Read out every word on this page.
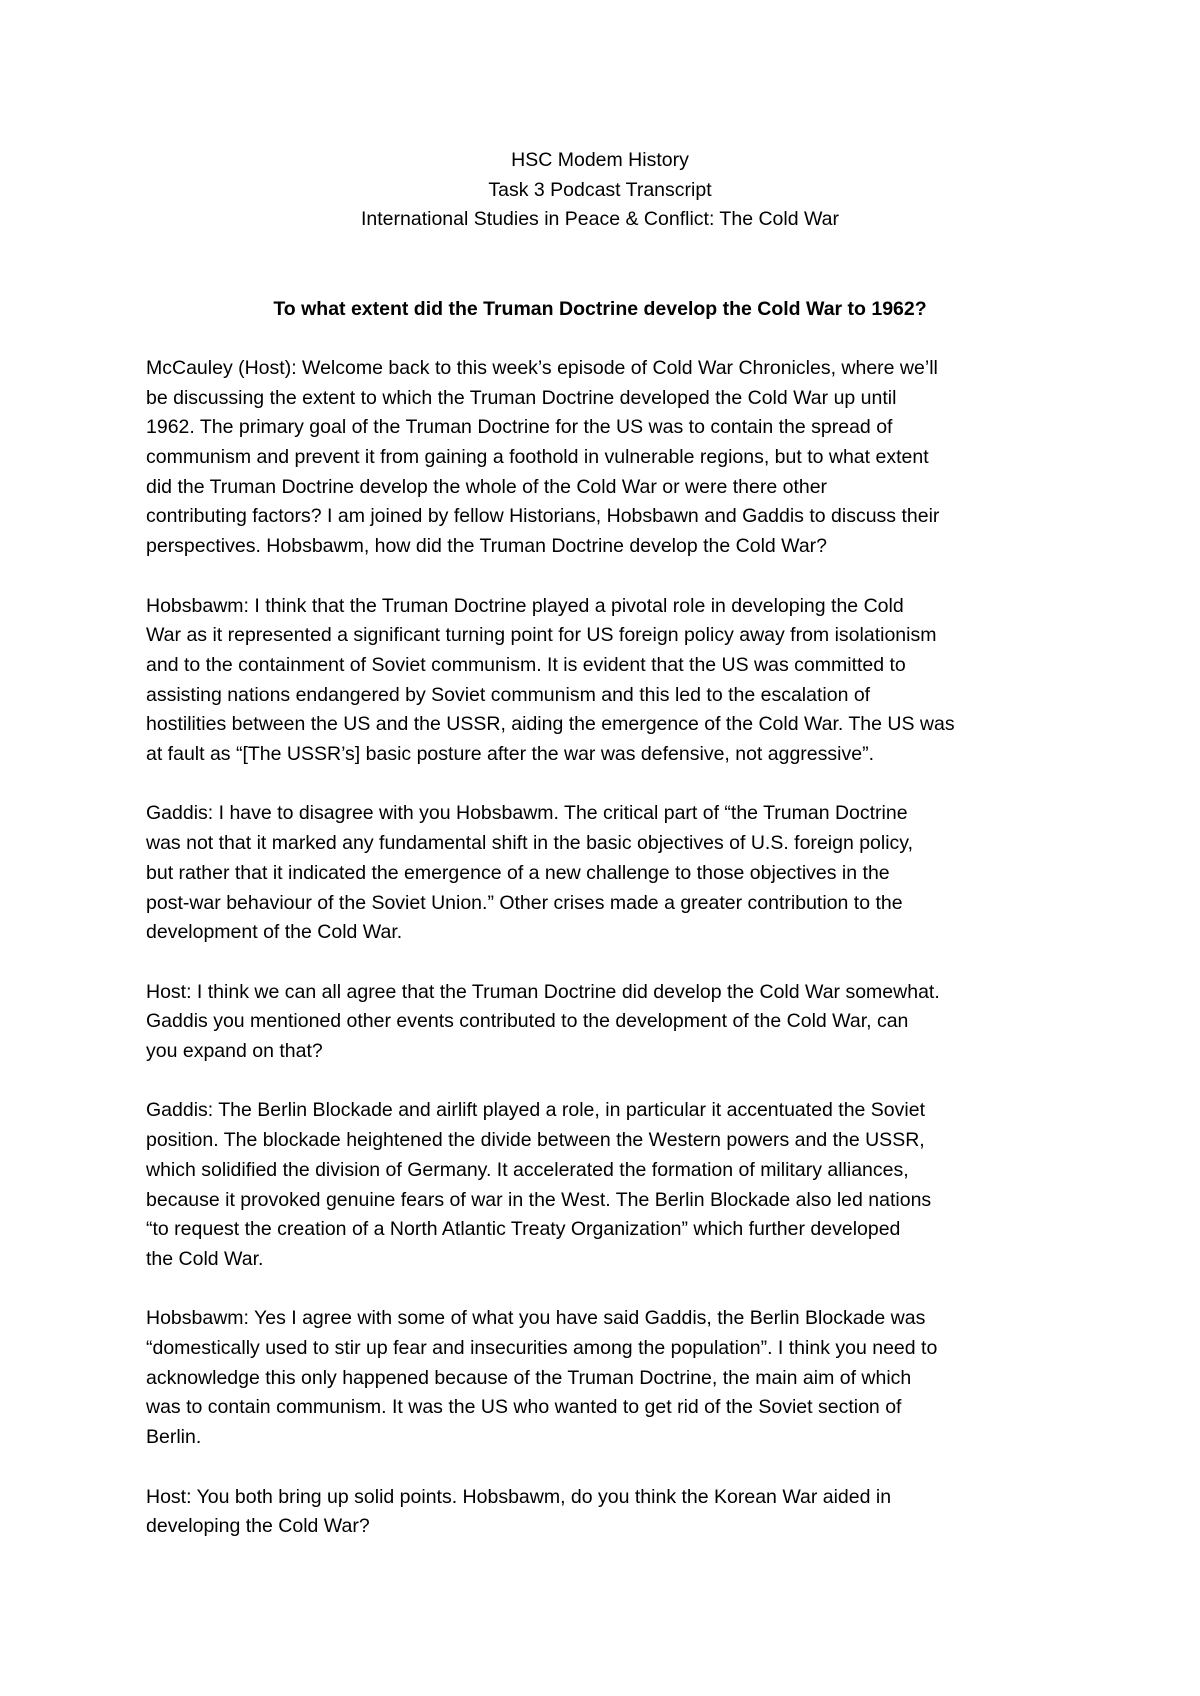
HSC Modem History
Task 3 Podcast Transcript
International Studies in Peace & Conflict: The Cold War
To what extent did the Truman Doctrine develop the Cold War to 1962?
McCauley (Host): Welcome back to this week’s episode of Cold War Chronicles, where we’ll
be discussing the extent to which the Truman Doctrine developed the Cold War up until
1962. The primary goal of the Truman Doctrine for the US was to contain the spread of
communism and prevent it from gaining a foothold in vulnerable regions, but to what extent
did the Truman Doctrine develop the whole of the Cold War or were there other
contributing factors? I am joined by fellow Historians, Hobsbawn and Gaddis to discuss their
perspectives. Hobsbawm, how did the Truman Doctrine develop the Cold War?
Hobsbawm: I think that the Truman Doctrine played a pivotal role in developing the Cold
War as it represented a significant turning point for US foreign policy away from isolationism
and to the containment of Soviet communism. It is evident that the US was committed to
assisting nations endangered by Soviet communism and this led to the escalation of
hostilities between the US and the USSR, aiding the emergence of the Cold War. The US was
at fault as “[The USSR’s] basic posture after the war was defensive, not aggressive”.
Gaddis: I have to disagree with you Hobsbawm. The critical part of “the Truman Doctrine
was not that it marked any fundamental shift in the basic objectives of U.S. foreign policy,
but rather that it indicated the emergence of a new challenge to those objectives in the
post-war behaviour of the Soviet Union.” Other crises made a greater contribution to the
development of the Cold War.
Host: I think we can all agree that the Truman Doctrine did develop the Cold War somewhat.
Gaddis you mentioned other events contributed to the development of the Cold War, can
you expand on that?
Gaddis: The Berlin Blockade and airlift played a role, in particular it accentuated the Soviet
position. The blockade heightened the divide between the Western powers and the USSR,
which solidified the division of Germany. It accelerated the formation of military alliances,
because it provoked genuine fears of war in the West. The Berlin Blockade also led nations
“to request the creation of a North Atlantic Treaty Organization” which further developed
the Cold War.
Hobsbawm: Yes I agree with some of what you have said Gaddis, the Berlin Blockade was
“domestically used to stir up fear and insecurities among the population”. I think you need to
acknowledge this only happened because of the Truman Doctrine, the main aim of which
was to contain communism. It was the US who wanted to get rid of the Soviet section of
Berlin.
Host: You both bring up solid points. Hobsbawm, do you think the Korean War aided in
developing the Cold War?
